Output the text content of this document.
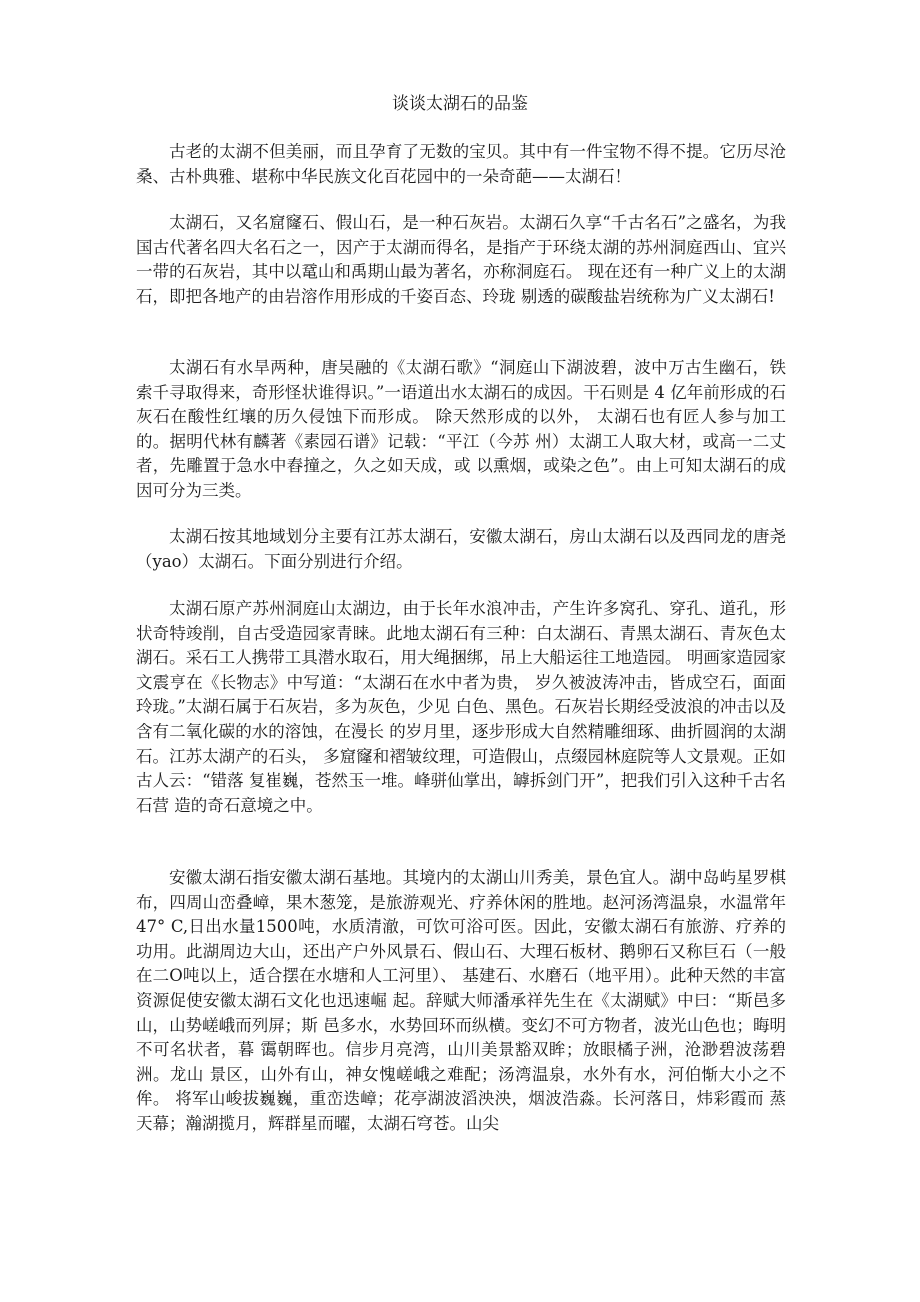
谈谈太湖石的品鉴

古老的太湖不但美丽，而且孕育了无数的宝贝。其中有一件宝物不得不提。它历尽沧桑、古朴典雅、堪称中华民族文化百花园中的一朵奇葩——太湖石！

太湖石，又名窟窿石、假山石，是一种石灰岩。太湖石久享“千古名石”之盛名，为我国古代著名四大名石之一，因产于太湖而得名，是指产于环绕太湖的苏州洞庭西山、宜兴一带的石灰岩，其中以鼋山和禹期山最为著名，亦称洞庭石。 现在还有一种广义上的太湖石，即把各地产的由岩溶作用形成的千姿百态、玲珑 剔透的碳酸盐岩统称为广义太湖石!

太湖石有水旱两种，唐吴融的《太湖石歌》“洞庭山下湖波碧，波中万古生幽石，铁索千寻取得来，奇形怪状谁得识。”一语道出水太湖石的成因。干石则是 4 亿年前形成的石灰石在酸性红壤的历久侵蚀下而形成。 除天然形成的以外， 太湖石也有匠人参与加工的。据明代林有麟著《素园石谱》记载：“平江（今苏 州）太湖工人取大材，或高一二丈者，先雕置于急水中舂撞之，久之如天成，或 以熏烟，或染之色”。由上可知太湖石的成因可分为三类。

太湖石按其地域划分主要有江苏太湖石，安徽太湖石，房山太湖石以及西同龙的唐尧（yao）太湖石。下面分别进行介绍。

太湖石原产苏州洞庭山太湖边，由于长年水浪冲击，产生许多窝孔、穿孔、道孔，形状奇特竣削，自古受造园家青睐。此地太湖石有三种：白太湖石、青黑太湖石、青灰色太湖石。采石工人携带工具潜水取石，用大绳捆绑，吊上大船运往工地造园。 明画家造园家文震亨在《长物志》中写道：“太湖石在水中者为贵， 岁久被波涛冲击，皆成空石，面面玲珑。”太湖石属于石灰岩，多为灰色，少见 白色、黑色。石灰岩长期经受波浪的冲击以及含有二氧化碳的水的溶蚀，在漫长 的岁月里，逐步形成大自然精雕细琢、曲折圆润的太湖石。江苏太湖产的石头， 多窟窿和褶皱纹理，可造假山，点缀园林庭院等人文景观。正如古人云：“错落 复崔巍，苍然玉一堆。峰骈仙掌出，罅拆剑门开”，把我们引入这种千古名石营 造的奇石意境之中。

安徽太湖石指安徽太湖石基地。其境内的太湖山川秀美，景色宜人。湖中岛屿星罗棋布，四周山峦叠嶂，果木葱笼，是旅游观光、疗养休闲的胜地。赵河汤湾温泉，水温常年47° C,日出水量1500吨，水质清澈，可饮可浴可医。因此，安徽太湖石有旅游、疗养的功用。此湖周边大山，还出产户外风景石、假山石、大理石板材、鹅卵石又称巨石（一般在二O吨以上，适合摆在水塘和人工河里）、 基建石、水磨石（地平用）。此种天然的丰富资源促使安徽太湖石文化也迅速崛 起。辞赋大师潘承祥先生在《太湖赋》中曰：“斯邑多山，山势嵯峨而列屏；斯 邑多水，水势回环而纵横。变幻不可方物者，波光山色也；晦明不可名状者，暮 霭朝晖也。信步月亮湾，山川美景豁双眸；放眼橘子洲，沧渺碧波荡碧洲。龙山 景区，山外有山，神女愧嵯峨之难配；汤湾温泉，水外有水，河伯惭大小之不侔。 将军山峻拔巍巍，重峦迭嶂；花亭湖波滔泱泱，烟波浩淼。长河落日，炜彩霞而 蒸天幕；瀚湖揽月，辉群星而曜，太湖石穹苍。山尖
